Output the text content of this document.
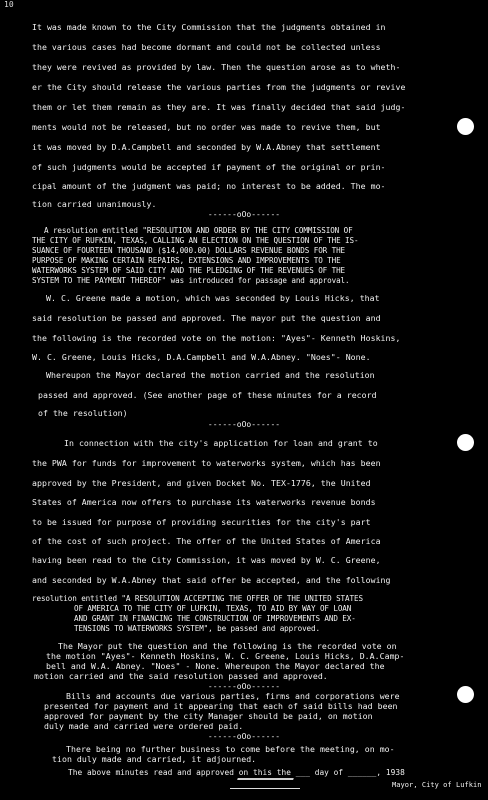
10
It was made known to the City Commission that the judgments obtained in
the various cases had become dormant and could not be collected unless
they were revived as provided by law. Then the question arose as to wheth-
er the City should release the various parties from the judgments or revive
them or let them remain as they are. It was finally decided that said judg-
ments would not be released, but no order was made to revive them, but
it was moved by D.A.Campbell and seconded by W.A.Abney that settlement
of such judgments would be accepted if payment of the original or prin-
cipal amount of the judgment was paid; no interest to be added. The mo-
tion carried unanimously.
------oOo------
A resolution entitled "RESOLUTION AND ORDER BY THE CITY COMMISSION OF
THE CITY OF RUFKIN, TEXAS, CALLING AN ELECTION ON THE QUESTION OF THE IS-
SUANCE OF FOURTEEN THOUSAND ($14,000.00) DOLLARS REVENUE BONDS FOR THE
PURPOSE OF MAKING CERTAIN REPAIRS, EXTENSIONS AND IMPROVEMENTS TO THE
WATERWORKS SYSTEM OF SAID CITY AND THE PLEDGING OF THE REVENUES OF THE
SYSTEM TO THE PAYMENT THEREOF" was introduced for passage and approval.
W. C. Greene made a motion, which was seconded by Louis Hicks, that
said resolution be passed and approved. The mayor put the question and
the following is the recorded vote on the motion: "Ayes"- Kenneth Hoskins,
W. C. Greene, Louis Hicks, D.A.Campbell and W.A.Abney. "Noes"- None.
Whereupon the Mayor declared the motion carried and the resolution
passed and approved. (See another page of these minutes for a record
of the resolution)
------oOo------
In connection with the city's application for loan and grant to
the PWA for funds for improvement to waterworks system, which has been
approved by the President, and given Docket No. TEX-1776, the United
States of America now offers to purchase its waterworks revenue bonds
to be issued for purpose of providing securities for the city's part
of the cost of such project. The offer of the United States of America
having been read to the City Commission, it was moved by W. C. Greene,
and seconded by W.A.Abney that said offer be accepted, and the following
resolution entitled "A RESOLUTION ACCEPTING THE OFFER OF THE UNITED STATES
OF AMERICA TO THE CITY OF LUFKIN, TEXAS, TO AID BY WAY OF LOAN
AND GRANT IN FINANCING THE CONSTRUCTION OF IMPROVEMENTS AND EX-
TENSIONS TO WATERWORKS SYSTEM", be passed and approved.
The Mayor put the question and the following is the recorded vote on
the motion "Ayes"- Kenneth Hoskins, W. C. Greene, Louis Hicks, D.A.Camp-
bell and W.A. Abney. "Noes" - None. Whereupon the Mayor declared the
motion carried and the said resolution passed and approved.
------oOo------
Bills and accounts due various parties, firms and corporations were
presented for payment and it appearing that each of said bills had been
approved for payment by the city Manager should be paid, on motion
duly made and carried were ordered paid.
------oOo------
There being no further business to come before the meeting, on mo-
tion duly made and carried, it adjourned.
The above minutes read and approved on this the ___ day of ______, 1938
Mayor, City of Lufkin
